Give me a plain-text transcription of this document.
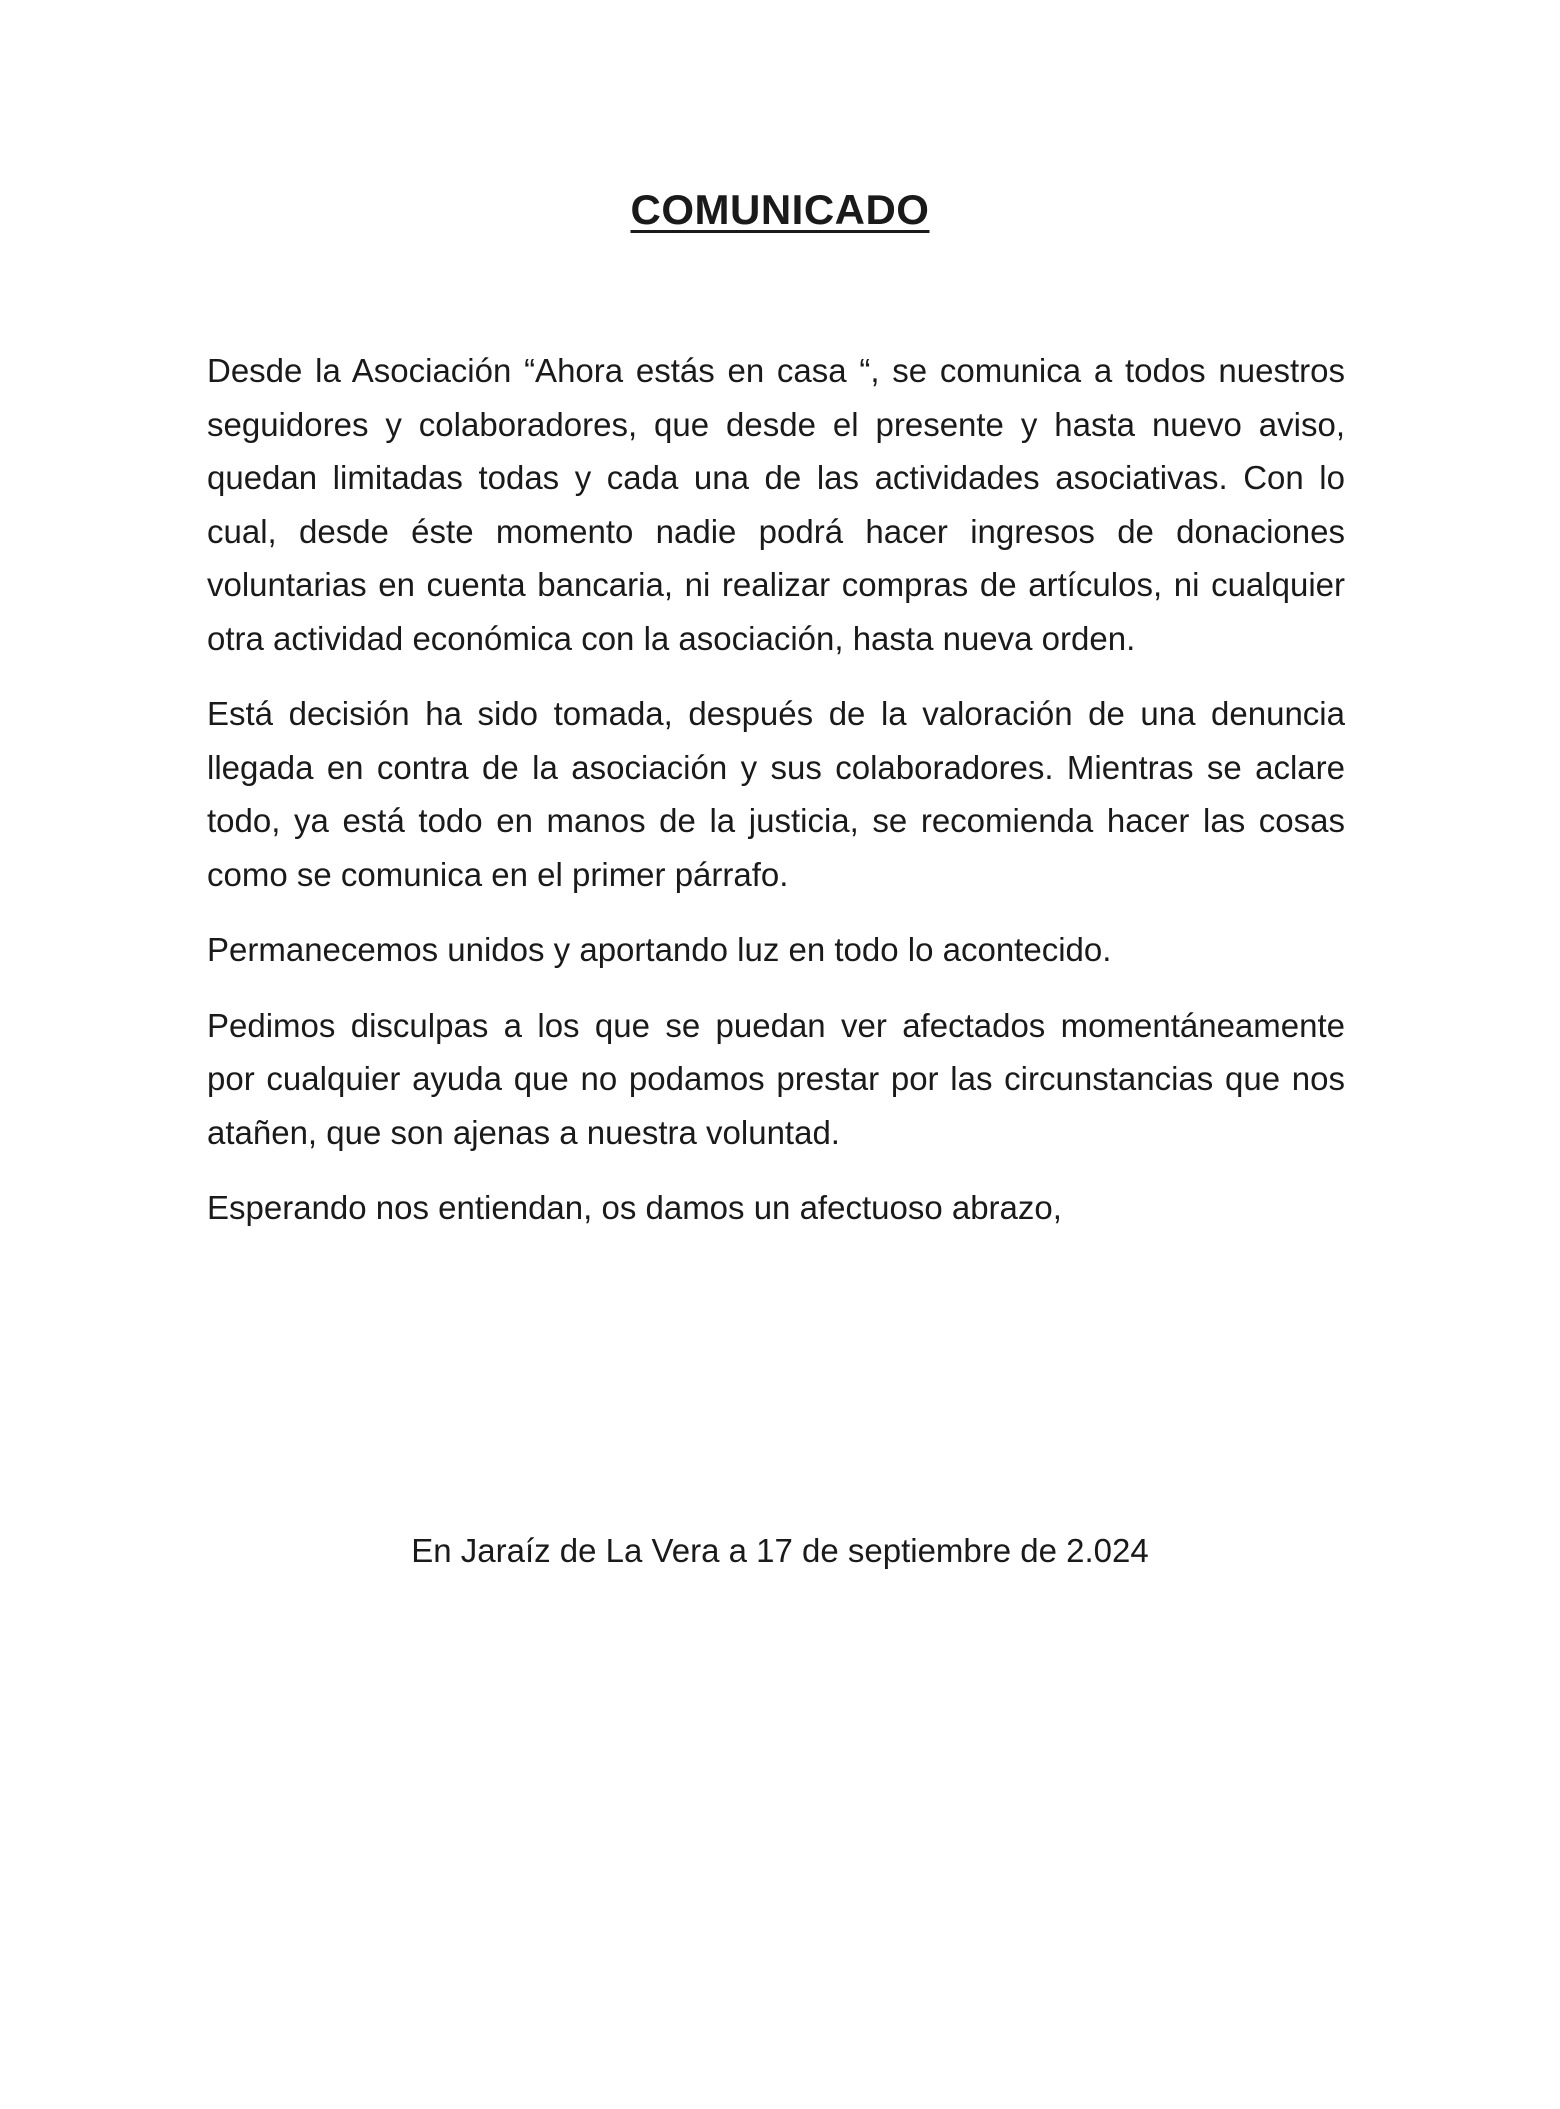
COMUNICADO

Desde la Asociación “Ahora estás en casa “, se comunica a todos nuestros seguidores y colaboradores, que desde el presente y hasta nuevo aviso, quedan limitadas todas y cada una de las actividades asociativas. Con lo cual, desde éste momento nadie podrá hacer ingresos de donaciones voluntarias en cuenta bancaria, ni realizar compras de artículos, ni cualquier otra actividad económica con la asociación, hasta nueva orden.

Está decisión ha sido tomada, después de la valoración de una denuncia llegada en contra de la asociación y sus colaboradores. Mientras se aclare todo, ya está todo en manos de la justicia, se recomienda hacer las cosas como se comunica en el primer párrafo.

Permanecemos unidos y aportando luz en todo lo acontecido.

Pedimos disculpas a los que se puedan ver afectados momentáneamente por cualquier ayuda que no podamos prestar por las circunstancias que nos atañen, que son ajenas a nuestra voluntad.

Esperando nos entiendan, os damos un afectuoso abrazo,

En Jaraíz de La Vera a 17 de septiembre de 2.024
